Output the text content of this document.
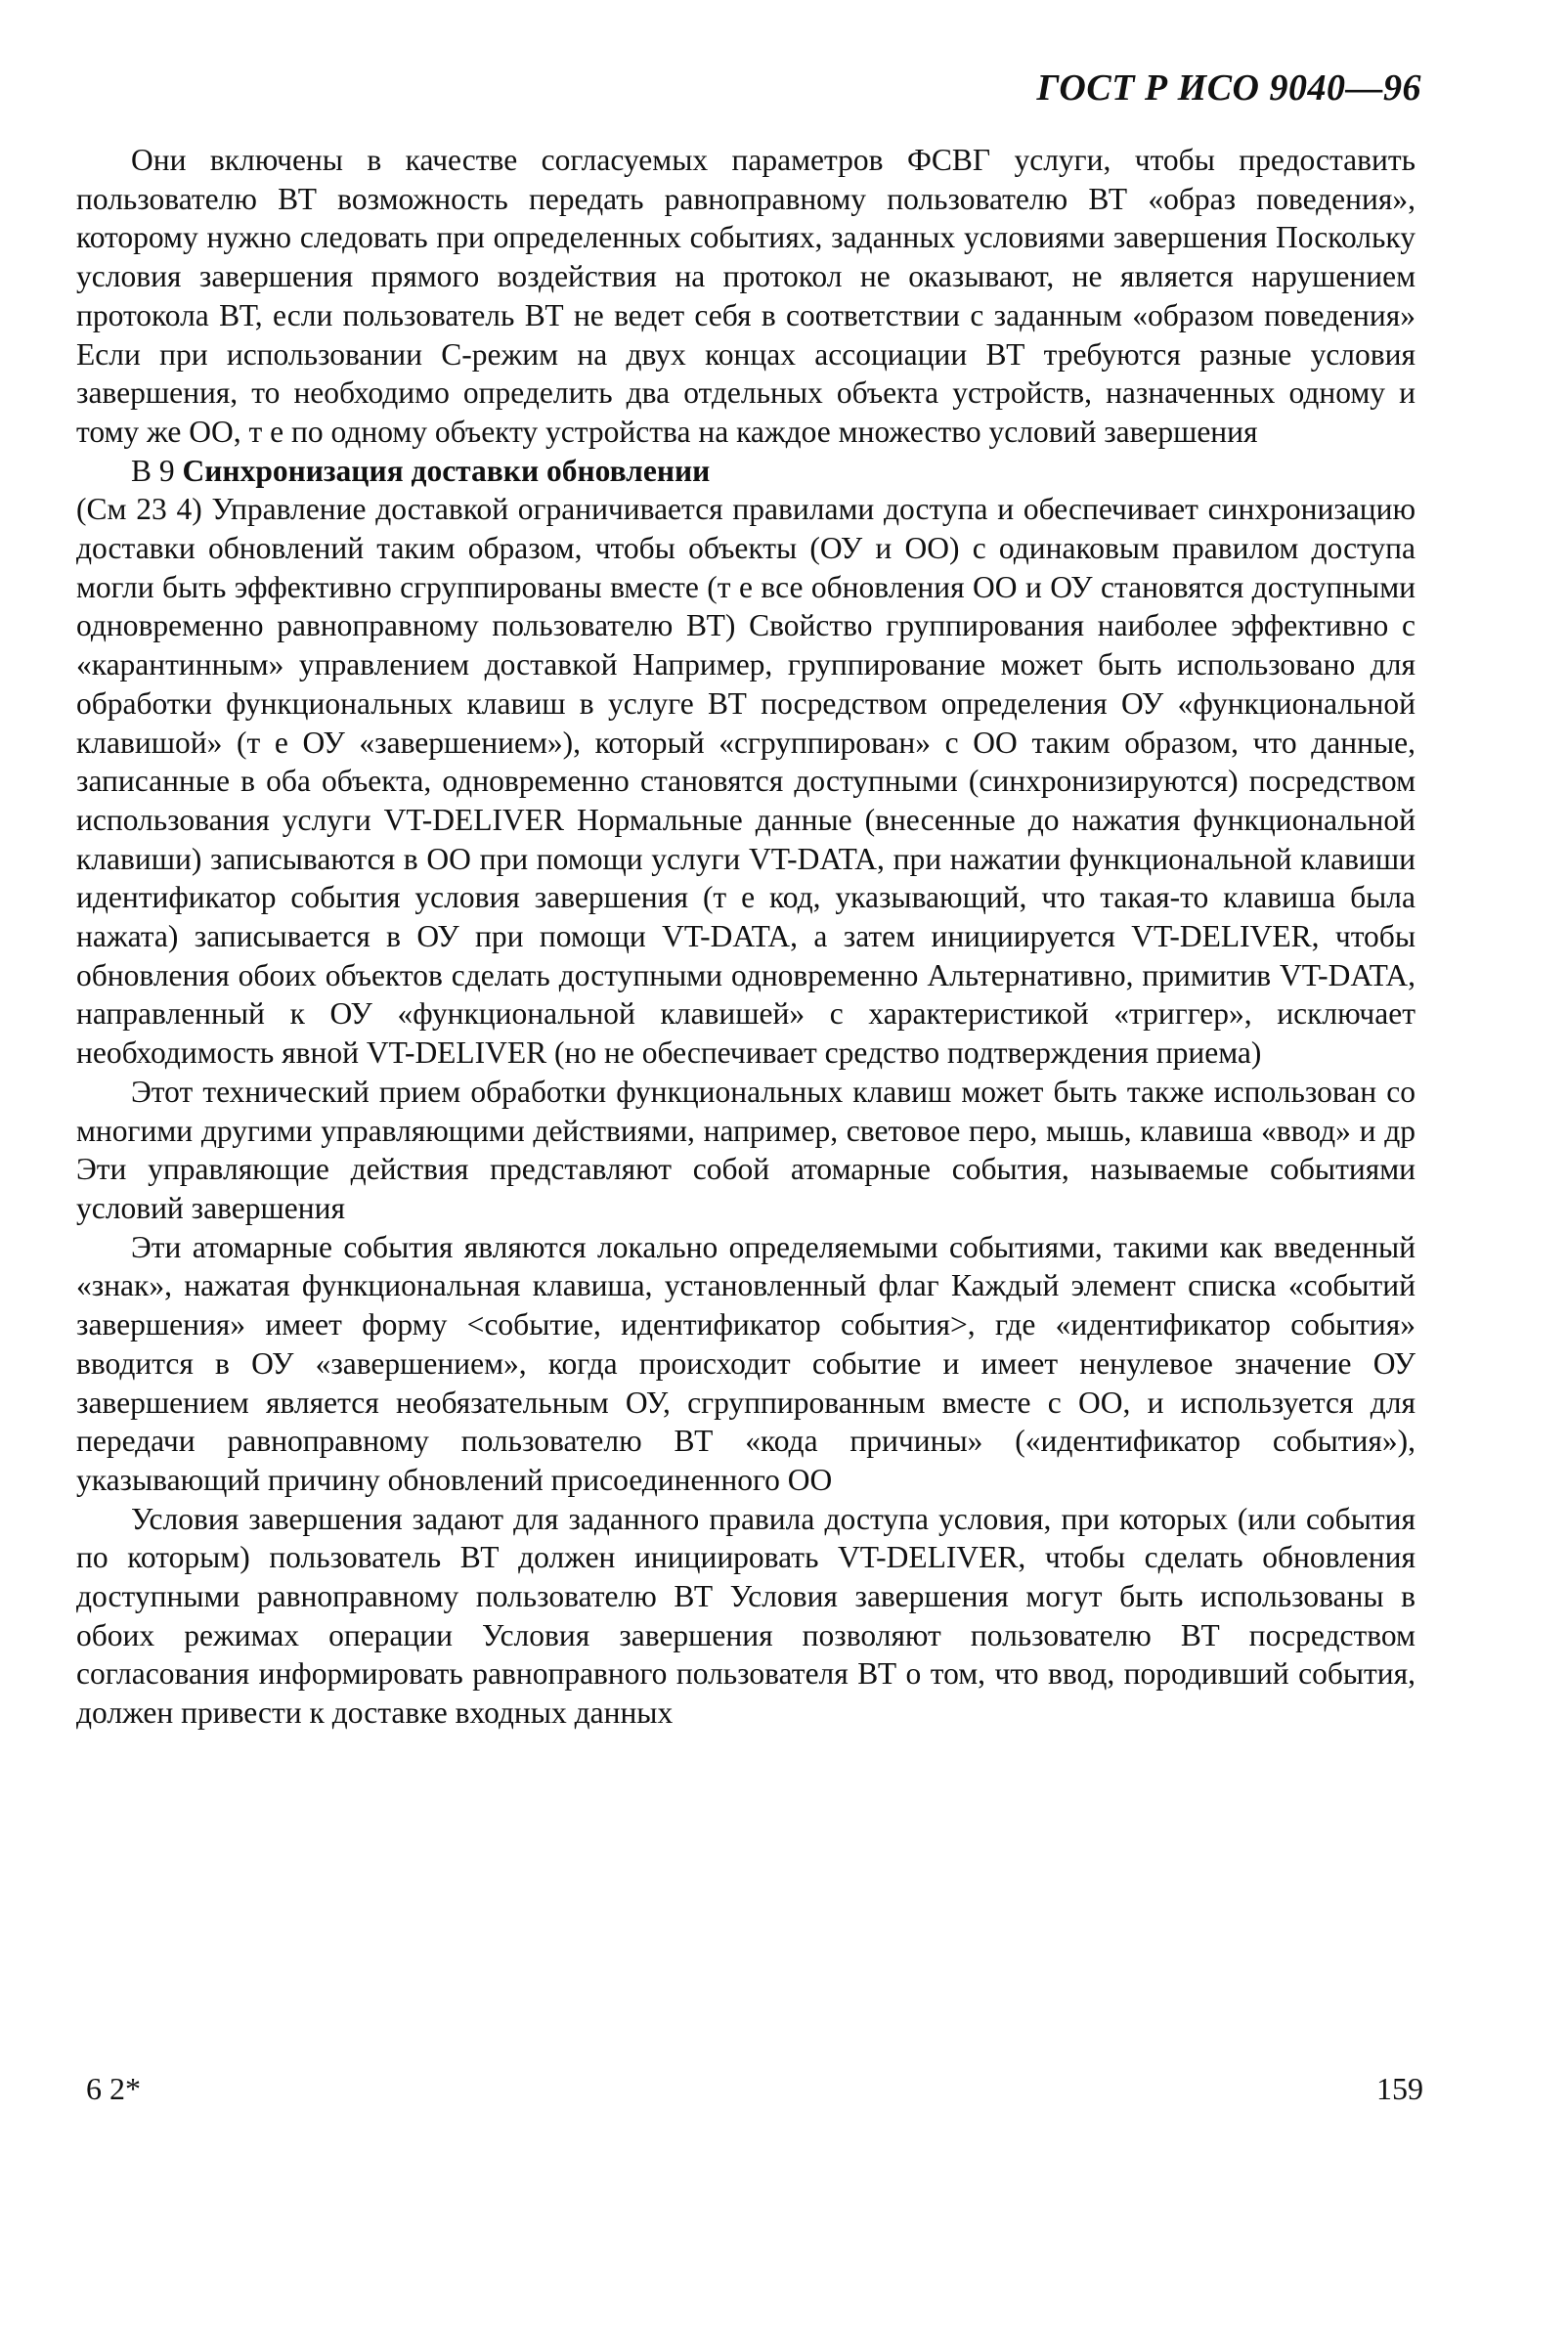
ГОСТ Р ИСО 9040—96

Они включены в качестве согласуемых параметров ФСВГ услуги, чтобы предоставить пользователю ВТ возможность передать равноправному пользователю ВТ «образ поведения», которому нужно следовать при определенных событиях, заданных условиями завершения Поскольку условия завершения прямого воздействия на протокол не оказывают, не является нарушением протокола ВТ, если пользователь ВТ не ведет себя в соответствии с заданным «образом поведения» Если при использовании С-режим на двух концах ассоциации ВТ требуются разные условия завершения, то необходимо определить два отдельных объекта устройств, назначенных одному и тому же ОО, т е по одному объекту устройства на каждое множество условий завершения

В 9 Синхронизация доставки обновлении

(См 23 4) Управление доставкой ограничивается правилами доступа и обеспечивает синхронизацию доставки обновлений таким образом, чтобы объекты (ОУ и ОО) с одинаковым правилом доступа могли быть эффективно сгруппированы вместе (т е все обновления ОО и ОУ становятся доступными одновременно равноправному пользователю ВТ) Свойство группирования наиболее эффективно с «карантинным» управлением доставкой Например, группирование может быть использовано для обработки функциональных клавиш в услуге ВТ посредством определения ОУ «функциональной клавишой» (т е ОУ «завершением»), который «сгруппирован» с ОО таким образом, что данные, записанные в оба объекта, одновременно становятся доступными (синхронизируются) посредством использования услуги VT-DELIVER Нормальные данные (внесенные до нажатия функциональной клавиши) записываются в ОО при помощи услуги VT-DATA, при нажатии функциональной клавиши идентификатор события условия завершения (т е код, указывающий, что такая-то клавиша была нажата) записывается в ОУ при помощи VT-DATA, а затем инициируется VT-DELIVER, чтобы обновления обоих объектов сделать доступными одновременно Альтернативно, примитив VT-DATA, направленный к ОУ «функциональной клавишей» с характеристикой «триггер», исключает необходимость явной VT-DELIVER (но не обеспечивает средство подтверждения приема)

Этот технический прием обработки функциональных клавиш может быть также использован со многими другими управляющими действиями, например, световое перо, мышь, клавиша «ввод» и др Эти управляющие действия представляют собой атомарные события, называемые событиями условий завершения

Эти атомарные события являются локально определяемыми событиями, такими как введенный «знак», нажатая функциональная клавиша, установленный флаг Каждый элемент списка «событий завершения» имеет форму <событие, идентификатор события>, где «идентификатор события» вводится в ОУ «завершением», когда происходит событие и имеет ненулевое значение ОУ завершением является необязательным ОУ, сгруппированным вместе с ОО, и используется для передачи равноправному пользователю ВТ «кода причины» («идентификатор события»), указывающий причину обновлений присоединенного ОО

Условия завершения задают для заданного правила доступа условия, при которых (или события по которым) пользователь ВТ должен инициировать VT-DELIVER, чтобы сделать обновления доступными равноправному пользователю ВТ Условия завершения могут быть использованы в обоих режимах операции Условия завершения позволяют пользователю ВТ посредством согласования информировать равноправного пользователя ВТ о том, что ввод, породивший события, должен привести к доставке входных данных

6 2*	159
